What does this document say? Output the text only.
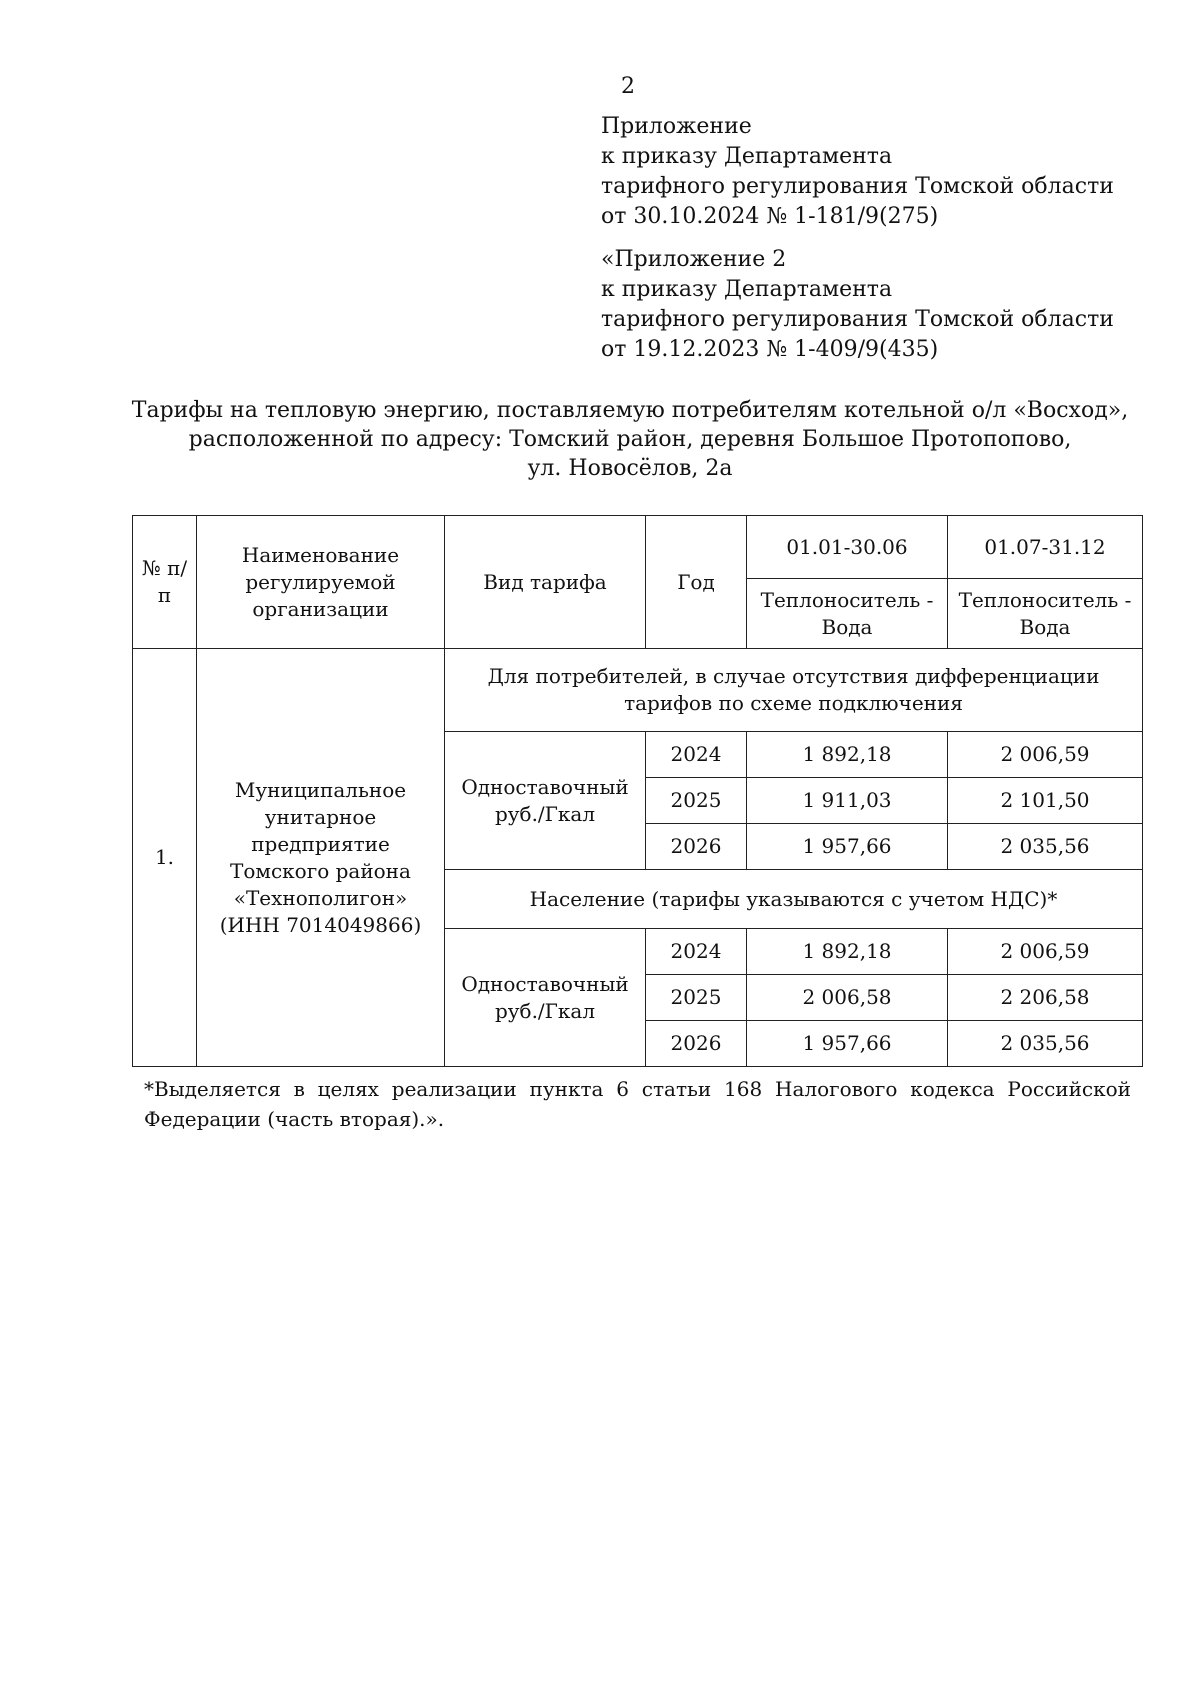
2
Приложение
к приказу Департамента
тарифного регулирования Томской области
от 30.10.2024 № 1-181/9(275)
«Приложение 2
к приказу Департамента
тарифного регулирования Томской области
от 19.12.2023 № 1-409/9(435)
Тарифы на тепловую энергию, поставляемую потребителям котельной о/л «Восход»,
расположенной по адресу: Томский район, деревня Большое Протопопово,
ул. Новосёлов, 2а
№ п/п	Наименование регулируемой организации	Вид тарифа	Год	01.01-30.06	01.07-31.12
				Теплоноситель - Вода	Теплоноситель - Вода
1.	Муниципальное унитарное предприятие Томского района «Технополигон» (ИНН 7014049866)	Для потребителей, в случае отсутствия дифференциации тарифов по схеме подключения			
		Одноставочный руб./Гкал	2024	1 892,18	2 006,59
			2025	1 911,03	2 101,50
			2026	1 957,66	2 035,56
		Население (тарифы указываются с учетом НДС)*			
		Одноставочный руб./Гкал	2024	1 892,18	2 006,59
			2025	2 006,58	2 206,58
			2026	1 957,66	2 035,56
*Выделяется в целях реализации пункта 6 статьи 168 Налогового кодекса Российской Федерации (часть вторая).».
